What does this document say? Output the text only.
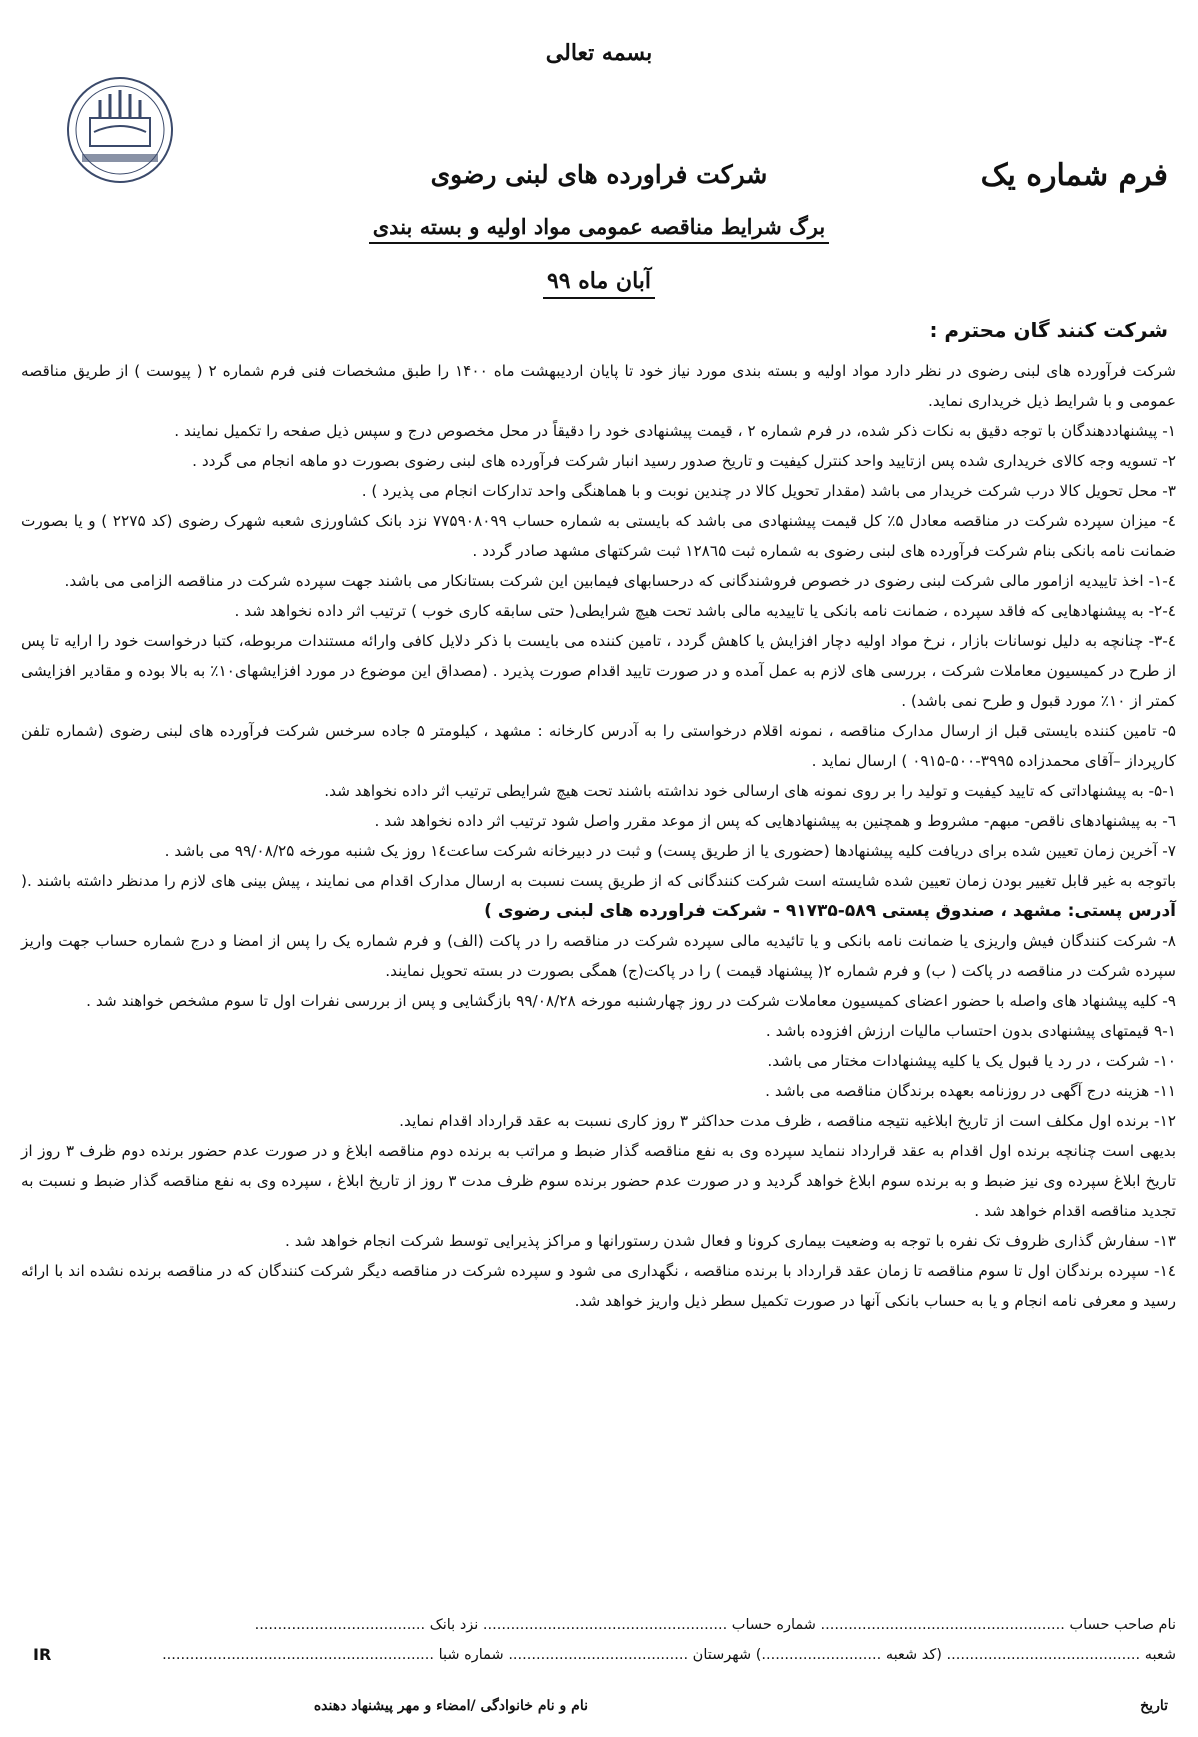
بسمه تعالی
فرم شماره یک
شرکت فراورده های لبنی رضوی
برگ شرایط مناقصه عمومی مواد اولیه و بسته بندی
آبان ماه ۹۹
شرکت کنند گان محترم :

شرکت فرآورده های لبنی رضوی در نظر دارد مواد اولیه و بسته بندی مورد نیاز خود تا پایان اردیبهشت ماه ۱۴۰۰ را طبق مشخصات فنی فرم شماره ۲ ( پیوست ) از طریق مناقصه عمومی و با شرایط ذیل خریداری نماید.

۱- پیشنهاددهندگان با توجه دقیق به نکات ذکر شده، در فرم شماره ۲ ، قیمت پیشنهادی خود را دقیقاً در محل مخصوص درج و سپس ذیل صفحه را تکمیل نمایند .

۲- تسویه وجه کالای خریداری شده پس ازتایید واحد کنترل کیفیت و تاریخ صدور رسید انبار شرکت فرآورده های لبنی رضوی بصورت دو ماهه انجام می گردد .

۳- محل تحویل کالا درب شرکت خریدار می باشد (مقدار تحویل کالا در چندین نوبت و با هماهنگی واحد تدارکات انجام می پذیرد ) .

٤- میزان سپرده شرکت در مناقصه معادل ۵٪ کل قیمت پیشنهادی می باشد که بایستی به شماره حساب ۷۷۵۹۰۸۰۹۹ نزد بانک کشاورزی شعبه شهرک رضوی (کد ۲۲۷۵ ) و یا بصورت ضمانت نامه بانکی بنام شرکت فرآورده های لبنی رضوی به شماره ثبت ۱۲۸٦۵ ثبت شرکتهای مشهد صادر گردد .

٤-۱- اخذ تاییدیه ازامور مالی شرکت لبنی رضوی در خصوص فروشندگانی که درحسابهای فیمابین این شرکت بستانکار می باشند جهت سپرده شرکت در مناقصه الزامی می باشد.

٤-۲- به پیشنهادهایی که فاقد سپرده ، ضمانت نامه بانکی یا تاییدیه مالی باشد تحت هیچ شرایطی( حتی سابقه کاری خوب ) ترتیب اثر داده نخواهد شد .

٤-۳- چنانچه به دلیل نوسانات بازار ، نرخ مواد اولیه دچار افزایش یا کاهش گردد ، تامین کننده می بایست با ذکر دلایل کافی وارائه مستندات مربوطه، کتبا درخواست خود را ارایه تا پس از طرح در کمیسیون معاملات شرکت ، بررسی های لازم به عمل آمده و در صورت تایید اقدام صورت پذیرد . (مصداق این موضوع در مورد افزایشهای۱۰٪ به بالا بوده و مقادیر افزایشی کمتر از ۱۰٪ مورد قبول و طرح نمی باشد) .

۵- تامین کننده بایستی قبل از ارسال مدارک مناقصه ، نمونه اقلام درخواستی را به آدرس کارخانه : مشهد ، کیلومتر ۵ جاده سرخس شرکت فرآورده های لبنی رضوی (شماره تلفن کارپرداز –آقای محمدزاده ۳۹۹۵-۵۰۰-۰۹۱۵ ) ارسال نماید .

۵-۱- به پیشنهاداتی که تایید کیفیت و تولید را بر روی نمونه های ارسالی خود نداشته باشند تحت هیچ شرایطی ترتیب اثر داده نخواهد شد.

٦- به پیشنهادهای ناقص- مبهم- مشروط و همچنین به پیشنهادهایی که پس از موعد مقرر واصل شود ترتیب اثر داده نخواهد شد .

۷- آخرین زمان تعیین شده برای دریافت کلیه پیشنهادها (حضوری یا از طریق پست) و ثبت در دبیرخانه شرکت ساعت۱٤ روز یک شنبه مورخه ۹۹/۰۸/۲۵ می باشد .

باتوجه به غیر قابل تغییر بودن زمان تعیین شده شایسته است شرکت کنندگانی که از طریق پست نسبت به ارسال مدارک اقدام می نمایند ، پیش بینی های لازم را مدنظر داشته باشند .( آدرس پستی: مشهد ، صندوق پستی ۵۸۹-۹۱۷۳۵ - شرکت فراورده های لبنی رضوی )

۸- شرکت کنندگان فیش واریزی یا ضمانت نامه بانکی و یا تائیدیه مالی سپرده شرکت در مناقصه را در پاکت (الف) و فرم شماره یک را پس از امضا و درج شماره حساب جهت واریز سپرده شرکت در مناقصه در پاکت ( ب) و فرم شماره ۲( پیشنهاد قیمت ) را در پاکت(ج) همگی بصورت در بسته تحویل نمایند.

۹- کلیه پیشنهاد های واصله با حضور اعضای کمیسیون معاملات شرکت در روز چهارشنبه مورخه ۹۹/۰۸/۲۸ بازگشایی و پس از بررسی نفرات اول تا سوم مشخص خواهند شد .

۹-۱ قیمتهای پیشنهادی بدون احتساب مالیات ارزش افزوده باشد .

۱۰- شرکت ، در رد یا قبول یک یا کلیه پیشنهادات مختار می باشد.

۱۱- هزینه درج آگهی در روزنامه بعهده برندگان مناقصه می باشد .

۱۲- برنده اول مکلف است از تاریخ ابلاغیه نتیجه مناقصه ، ظرف مدت حداکثر ۳ روز کاری نسبت به عقد قرارداد اقدام نماید.

بدیهی است چنانچه برنده اول اقدام به عقد قرارداد ننماید سپرده وی به نفع مناقصه گذار ضبط و مراتب به برنده دوم مناقصه ابلاغ و در صورت عدم حضور برنده دوم ظرف ۳ روز از تاریخ ابلاغ سپرده وی نیز ضبط و به برنده سوم ابلاغ خواهد گردید و در صورت عدم حضور برنده سوم ظرف مدت ۳ روز از تاریخ ابلاغ ، سپرده وی به نفع مناقصه گذار ضبط و نسبت به تجدید مناقصه اقدام خواهد شد .

۱۳- سفارش گذاری ظروف تک نفره با توجه به وضعیت بیماری کرونا و فعال شدن رستورانها و مراکز پذیرایی توسط شرکت انجام خواهد شد .

۱٤- سپرده برندگان اول تا سوم مناقصه تا زمان عقد قرارداد با برنده مناقصه ، نگهداری می شود و سپرده شرکت در مناقصه دیگر شرکت کنندگان که در مناقصه برنده نشده اند با ارائه رسید و معرفی نامه انجام و یا به حساب بانکی آنها در صورت تکمیل سطر ذیل واریز خواهد شد.

نام صاحب حساب ..................................................... شماره حساب ..................................................... نزد بانک .....................................
شعبه .......................................... (کد شعبه ..........................) شهرستان ....................................... شماره شبا ...........................................................
IR
تاریخ
نام و نام خانوادگی /امضاء و مهر پیشنهاد دهنده
